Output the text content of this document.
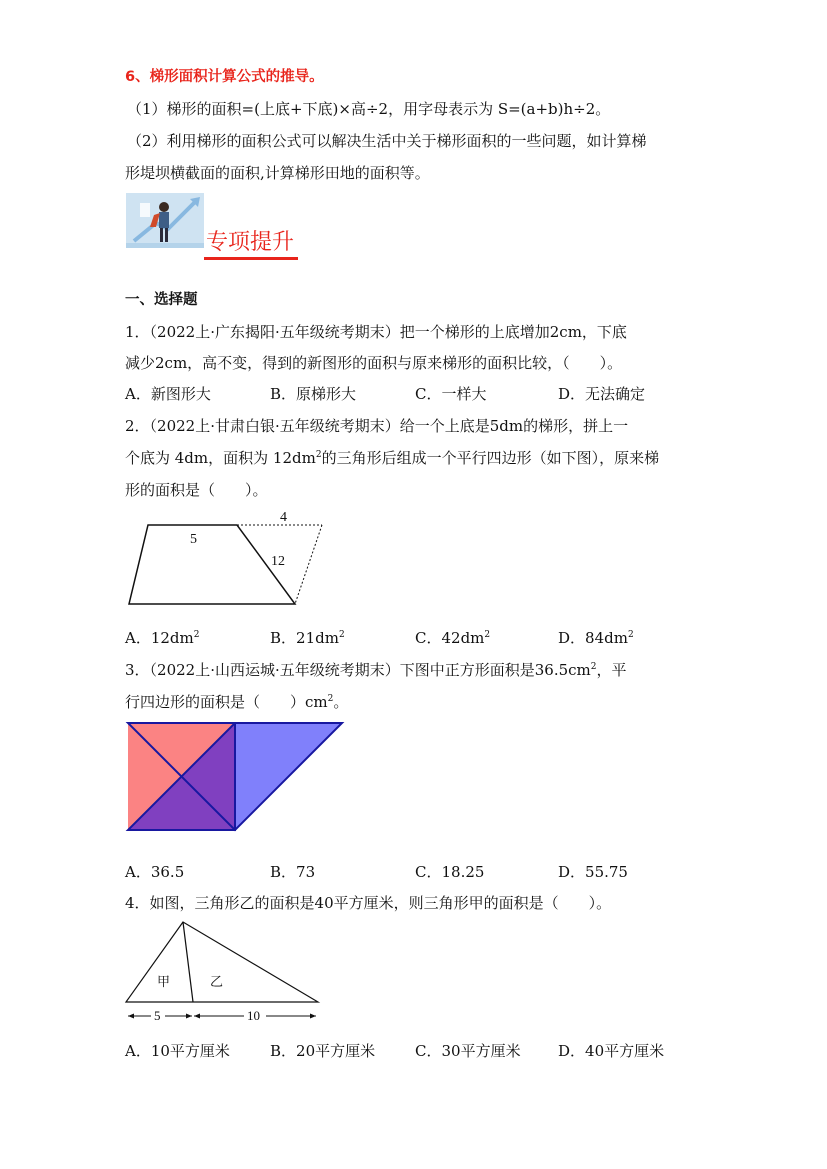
6、梯形面积计算公式的推导。
（1）梯形的面积=(上底+下底)×高÷2，用字母表示为 S=(a+b)h÷2。
（2）利用梯形的面积公式可以解决生活中关于梯形面积的一些问题，如计算梯
形堤坝横截面的面积,计算梯形田地的面积等。
专项提升
一、选择题
1．（2022上·广东揭阳·五年级统考期末）把一个梯形的上底增加2cm，下底
减少2cm，高不变，得到的新图形的面积与原来梯形的面积比较，（　　）。
A．新图形大	B．原梯形大	C．一样大	D．无法确定
2．（2022上·甘肃白银·五年级统考期末）给一个上底是5dm的梯形，拼上一
个底为 4dm，面积为 $12dm^2$的三角形后组成一个平行四边形（如下图），原来梯
形的面积是（　　）。
5
4
12
A．$12dm^2$	B．$21dm^2$	C．$42dm^2$	D．$84dm^2$
3．（2022上·山西运城·五年级统考期末）下图中正方形面积是$36.5cm^2$，平
行四边形的面积是（　　）$cm^2$。
A．36.5	B．73	C．18.25	D．55.75
4．如图，三角形乙的面积是40平方厘米，则三角形甲的面积是（　　）。
甲	乙
5	10
A．10平方厘米	B．20平方厘米	C．30平方厘米 D．40平方厘米
